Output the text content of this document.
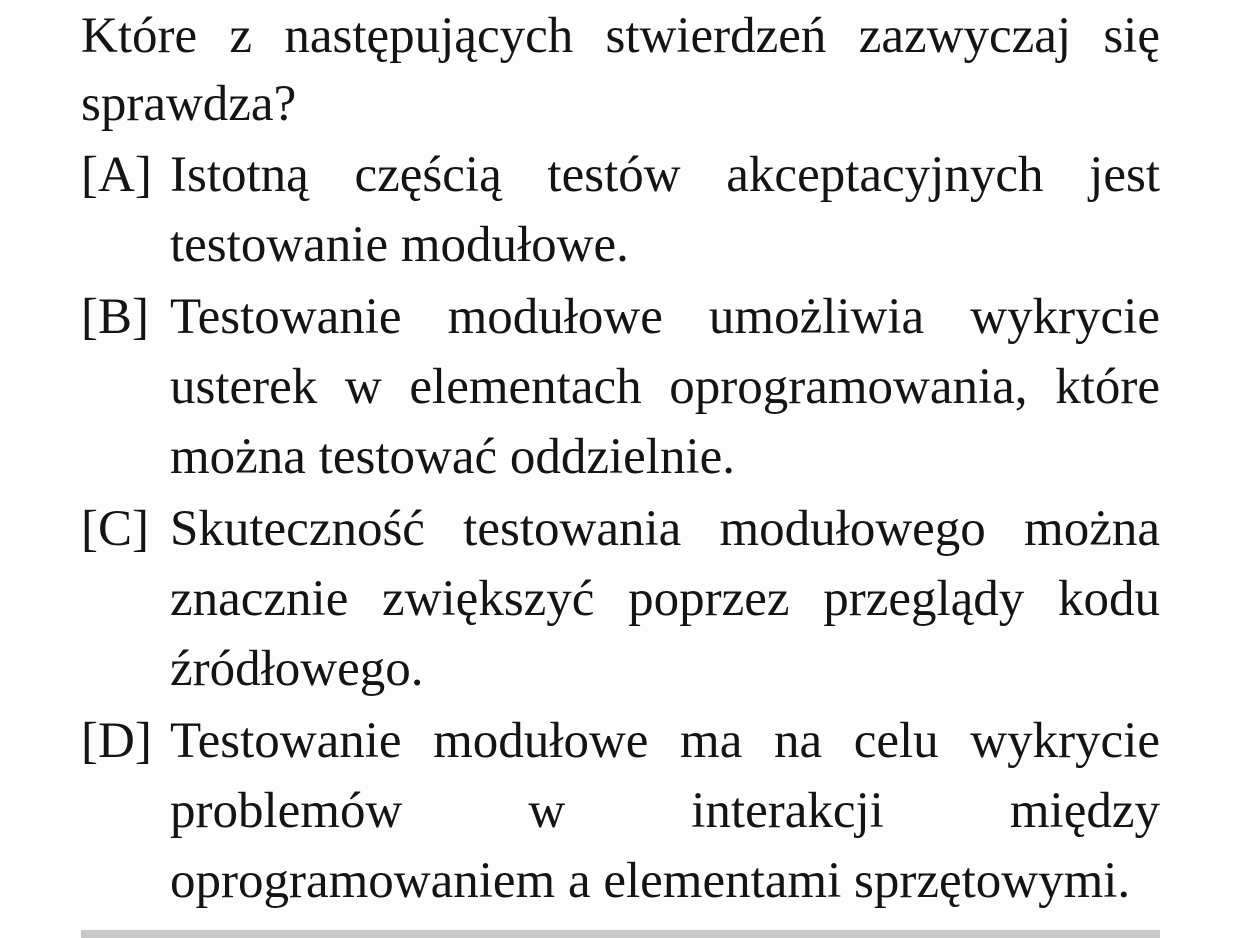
Które z następujących stwierdzeń zazwyczaj się sprawdza?

[A] Istotną częścią testów akceptacyjnych jest testowanie modułowe.
[B] Testowanie modułowe umożliwia wykrycie usterek w elementach oprogramowania, które można testować oddzielnie.
[C] Skuteczność testowania modułowego można znacznie zwiększyć poprzez przeglądy kodu źródłowego.
[D] Testowanie modułowe ma na celu wykrycie problemów w interakcji między oprogramowaniem a elementami sprzętowymi.
